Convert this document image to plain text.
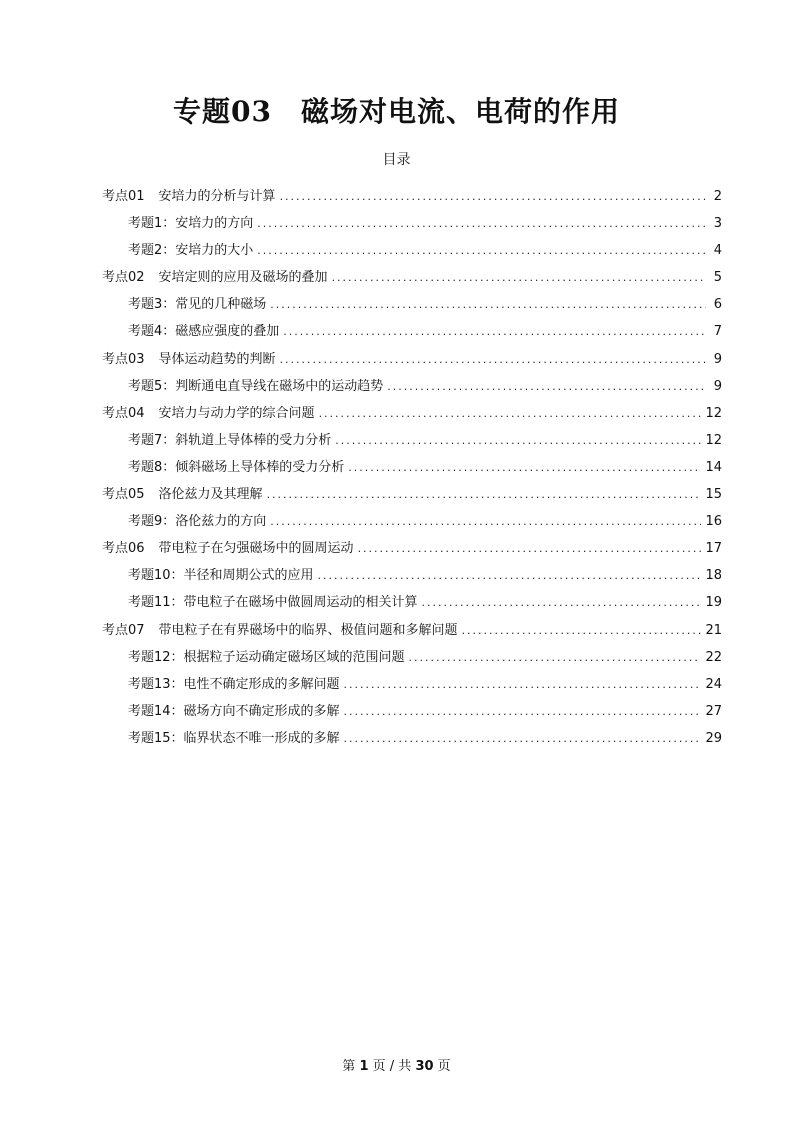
专题03　磁场对电流、电荷的作用
目录
考点01 安培力的分析与计算 .....	2
考题1：安培力的方向 .....	3
考题2：安培力的大小 .....	4
考点02 安培定则的应用及磁场的叠加 .....	5
考题3：常见的几种磁场 .....	6
考题4：磁感应强度的叠加 .....	7
考点03 导体运动趋势的判断 .....	9
考题5：判断通电直导线在磁场中的运动趋势 .....	9
考点04 安培力与动力学的综合问题 .....	12
考题7：斜轨道上导体棒的受力分析 .....	12
考题8：倾斜磁场上导体棒的受力分析 .....	14
考点05 洛伦兹力及其理解 .....	15
考题9：洛伦兹力的方向 .....	16
考点06 带电粒子在匀强磁场中的圆周运动 .....	17
考题10：半径和周期公式的应用 .....	18
考题11：带电粒子在磁场中做圆周运动的相关计算 .....	19
考点07 带电粒子在有界磁场中的临界、极值问题和多解问题 .....	21
考题12：根据粒子运动确定磁场区域的范围问题 .....	22
考题13：电性不确定形成的多解问题 .....	24
考题14：磁场方向不确定形成的多解 .....	27
考题15：临界状态不唯一形成的多解 .....	29
第 1 页 / 共 30 页
